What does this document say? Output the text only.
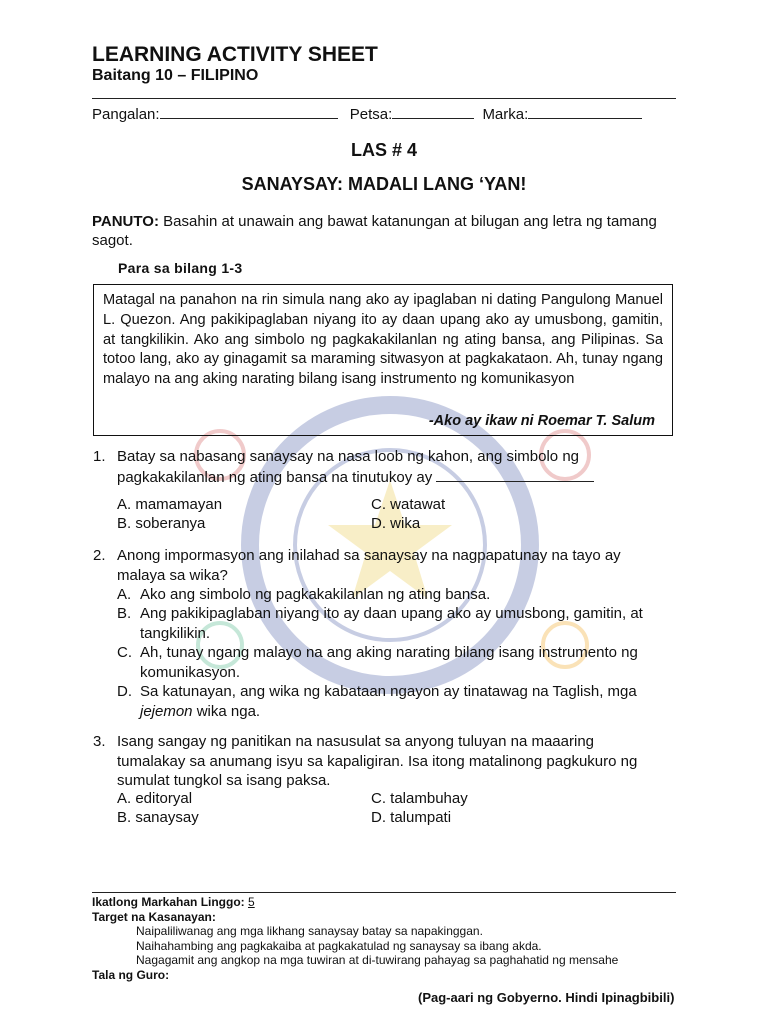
LEARNING ACTIVITY SHEET
Baitang 10 – FILIPINO
Pangalan:	Petsa:	Marka:
LAS # 4
SANAYSAY: MADALI LANG ‘YAN!
PANUTO: Basahin at unawain ang bawat katanungan at bilugan ang letra ng tamang sagot.
Para sa bilang 1-3

Matagal na panahon na rin simula nang ako ay ipaglaban ni dating Pangulong Manuel L. Quezon. Ang pakikipaglaban niyang ito ay daan upang ako ay umusbong, gamitin, at tangkilikin. Ako ang simbolo ng pagkakakilanlan ng ating bansa, ang Pilipinas. Sa totoo lang, ako ay ginagamit sa maraming sitwasyon at pagkakataon. Ah, tunay ngang malayo na ang aking narating bilang isang instrumento ng komunikasyon

-Ako ay ikaw ni Roemar T. Salum
1. Batay sa nabasang sanaysay na nasa loob ng kahon, ang simbolo ng pagkakakilanlan ng ating bansa na tinutukoy ay
A. mamamayan
B. soberanya
C. watawat
D. wika
2. Anong impormasyon ang inilahad sa sanaysay na nagpapatunay na tayo ay malaya sa wika?
A. Ako ang simbolo ng pagkakakilanlan ng ating bansa.
B. Ang pakikipaglaban niyang ito ay daan upang ako ay umusbong, gamitin, at tangkilikin.
C. Ah, tunay ngang malayo na ang aking narating bilang isang instrumento ng komunikasyon.
D. Sa katunayan, ang wika ng kabataan ngayon ay tinatawag na Taglish, mga jejemon wika nga.
3. Isang sangay ng panitikan na nasusulat sa anyong tuluyan na maaaring tumalakay sa anumang isyu sa kapaligiran. Isa itong matalinong pagkukuro ng sumulat tungkol sa isang paksa.
A. editoryal
B. sanaysay
C. talambuhay
D. talumpati
Ikatlong Markahan Linggo: 5
Target na Kasanayan:
Naipaliliwanag ang mga likhang sanaysay batay sa napakinggan.
Naihahambing ang pagkakaiba at pagkakatulad ng sanaysay sa ibang akda.
Nagagamit ang angkop na mga tuwiran at di-tuwirang pahayag sa paghahatid ng mensahe
Tala ng Guro:
(Pag-aari ng Gobyerno. Hindi Ipinagbibili)
